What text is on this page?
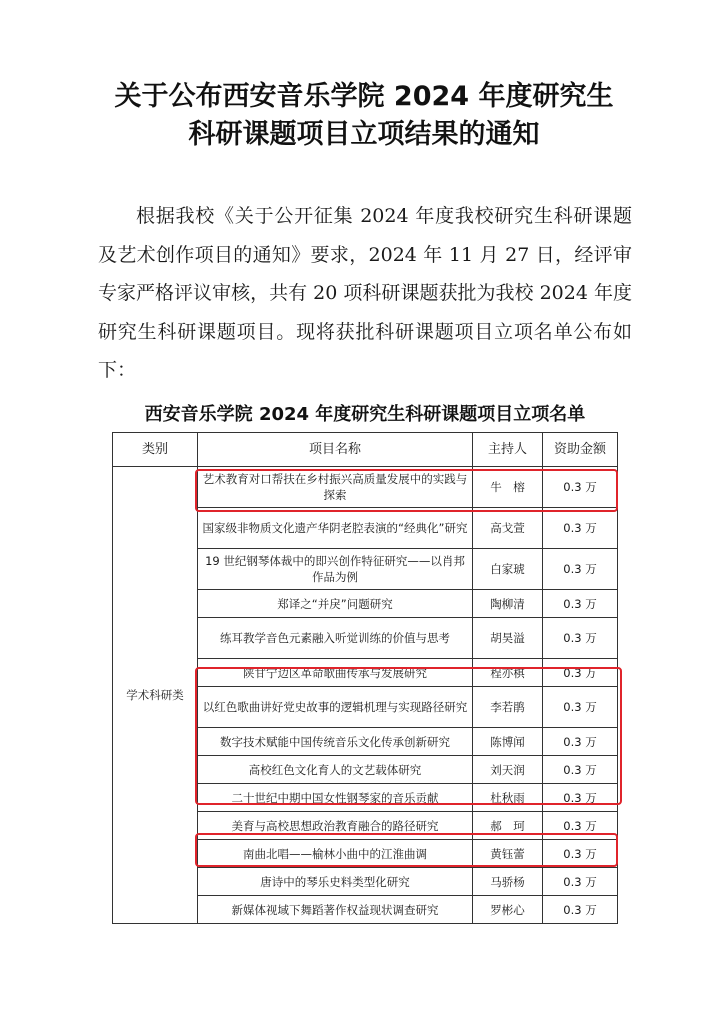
关于公布西安音乐学院 2024 年度研究生
科研课题项目立项结果的通知

根据我校《关于公开征集 2024 年度我校研究生科研课题及艺术创作项目的通知》要求，2024 年 11 月 27 日，经评审专家严格评议审核，共有 20 项科研课题获批为我校 2024 年度研究生科研课题项目。现将获批科研课题项目立项名单公布如下：

西安音乐学院 2024 年度研究生科研课题项目立项名单
类别	项目名称	主持人	资助金额
学术科研类	艺术教育对口帮扶在乡村振兴高质量发展中的实践与探索	牛　榕	0.3 万
	国家级非物质文化遗产华阴老腔表演的“经典化”研究	高戈萱	0.3 万
	19 世纪钢琴体裁中的即兴创作特征研究——以肖邦作品为例	白家琥	0.3 万
	郑译之“并戾”问题研究	陶柳清	0.3 万
	练耳教学音色元素融入听觉训练的价值与思考	胡昊溢	0.3 万
	陕甘宁边区革命歌曲传承与发展研究	程亦棋	0.3 万
	以红色歌曲讲好党史故事的逻辑机理与实现路径研究	李若鹃	0.3 万
	数字技术赋能中国传统音乐文化传承创新研究	陈博闻	0.3 万
	高校红色文化育人的文艺载体研究	刘天润	0.3 万
	二十世纪中期中国女性钢琴家的音乐贡献	杜秋雨	0.3 万
	美育与高校思想政治教育融合的路径研究	郝　珂	0.3 万
	南曲北唱——榆林小曲中的江淮曲调	黄钰蕾	0.3 万
	唐诗中的琴乐史料类型化研究	马骄杨	0.3 万
	新媒体视域下舞蹈著作权益现状调查研究	罗彬心	0.3 万
